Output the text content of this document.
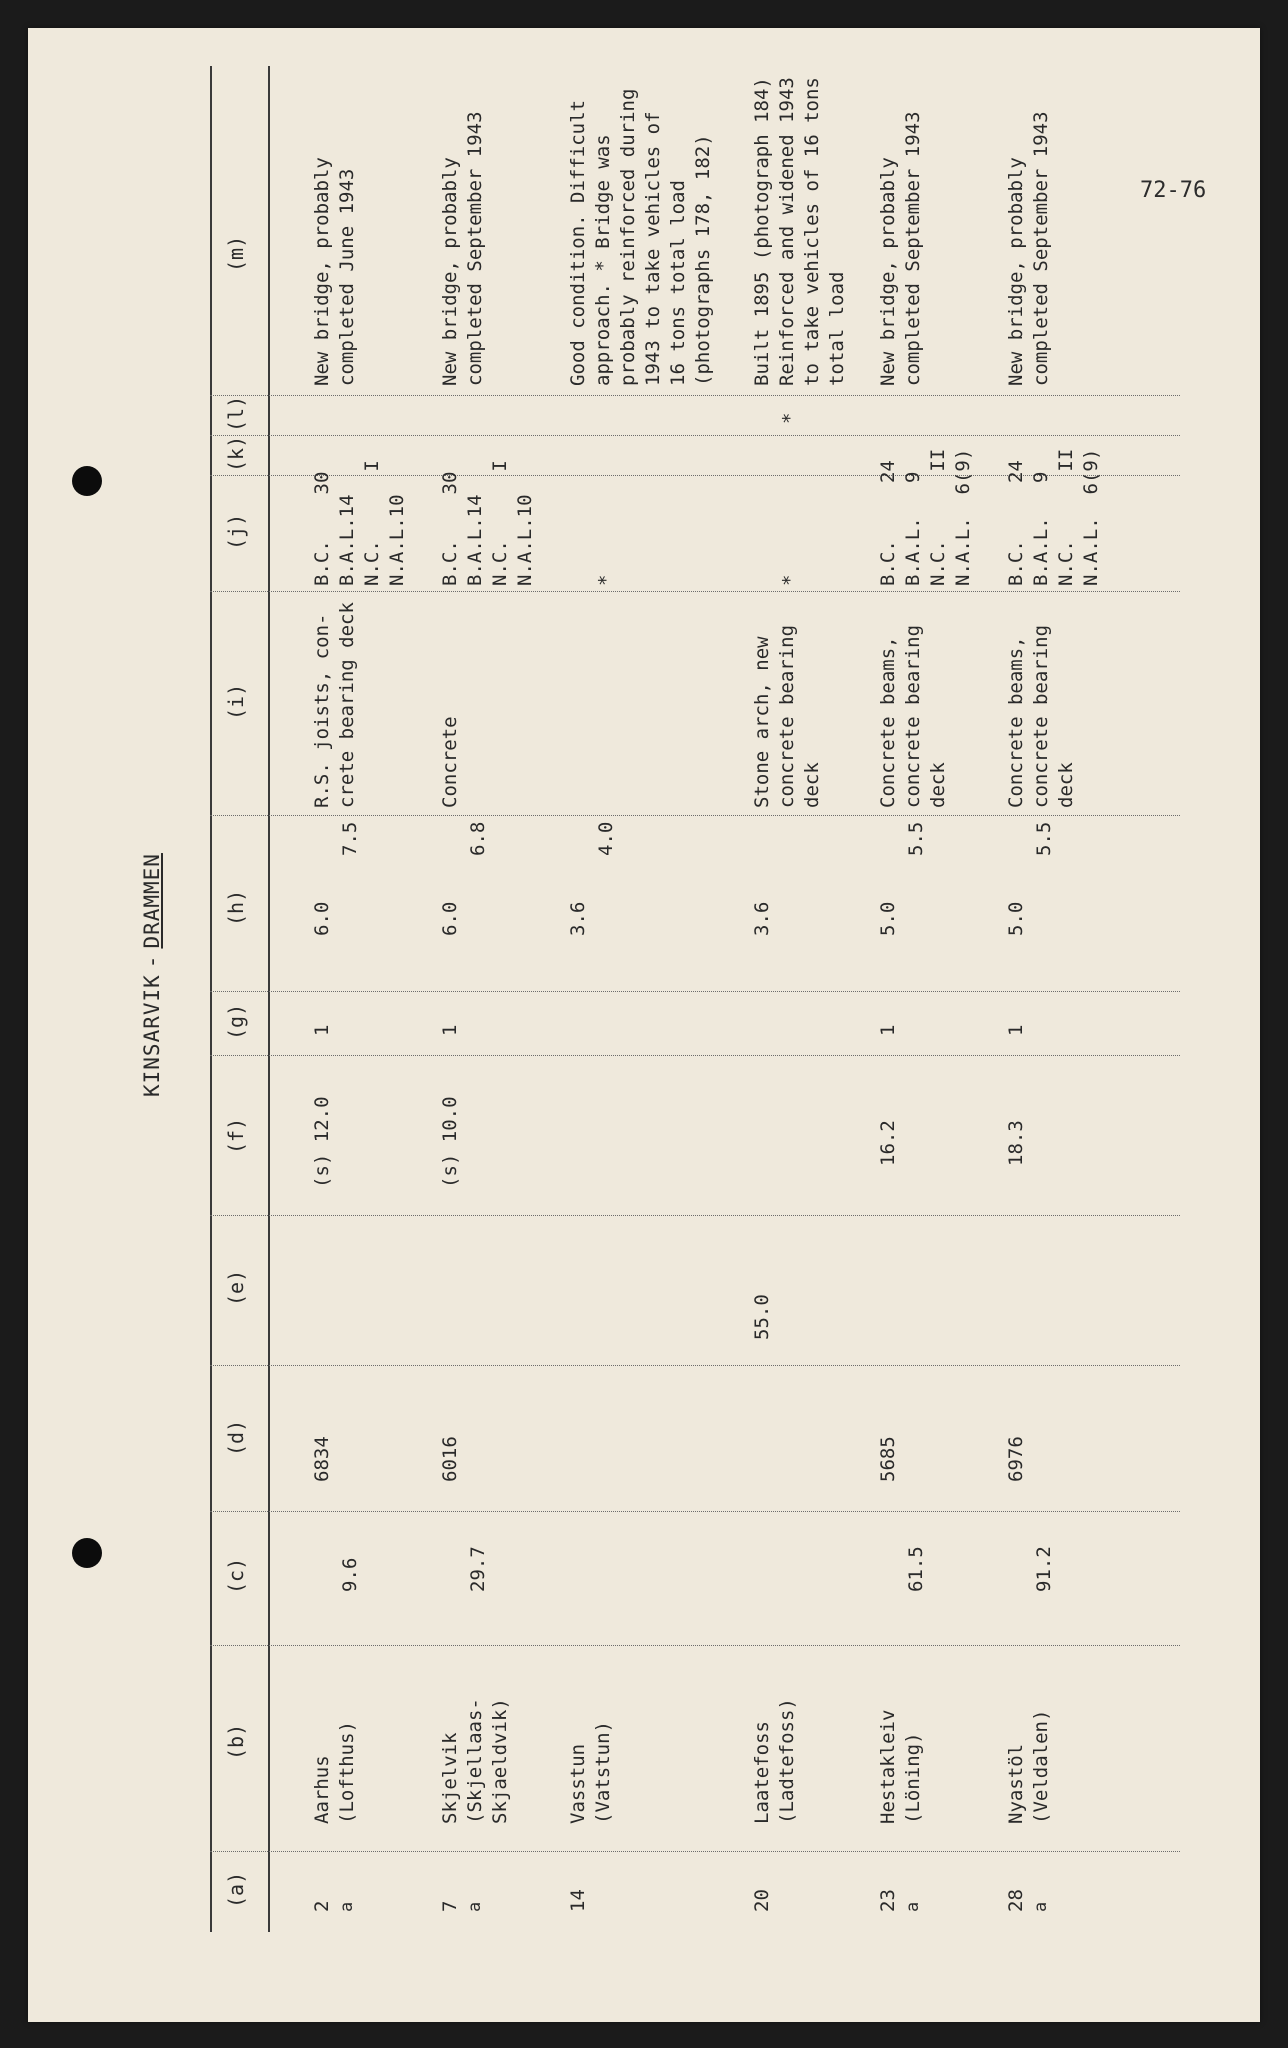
72-76
KINSARVIK-DRAMMEN
(a)
(b)
(c)
(d)
(e)
(f)
(g)
(h)
(i)
(j)
(k)
(l)
(m)
2 a
Aarhus
(Lofthus)
9.6
6834
(s) 12.0
1
6.0
7.5
R.S. joists, con-
crete bearing deck
B.C.    30
B.A.L.14
N.C.      I
N.A.L.10
New bridge, probably
completed June 1943
7 a
Skjelvik
(Skjellaas-
Skjaeldvik)
29.7
6016
(s) 10.0
1
6.0
6.8
Concrete
B.C.    30
B.A.L.14
N.C.      I
N.A.L.10
New bridge, probably
completed September 1943
14
Vasstun
(Vatstun)
3.6
4.0
*
Good condition. Difficult
approach. * Bridge was
probably reinforced during
1943 to take vehicles of
16 tons total load
(photographs 178, 182)
20
Laatefoss
(Ladtefoss)
55.0
3.6
Stone arch, new
concrete bearing
deck
*
*
Built 1895 (photograph 184)
Reinforced and widened 1943
to take vehicles of 16 tons
total load
23 a
Hestakleiv
(Löning)
61.5
5685
16.2
1
5.0
5.5
Concrete beams,
concrete bearing
deck
B.C.     24
B.A.L.   9
N.C.      II
N.A.L.  6(9)
New bridge, probably
completed September 1943
28 a
Nyastöl
(Veldalen)
91.2
6976
18.3
1
5.0
5.5
Concrete beams,
concrete bearing
deck
B.C.     24
B.A.L.   9
N.C.      II
N.A.L.  6(9)
New bridge, probably
completed September 1943
